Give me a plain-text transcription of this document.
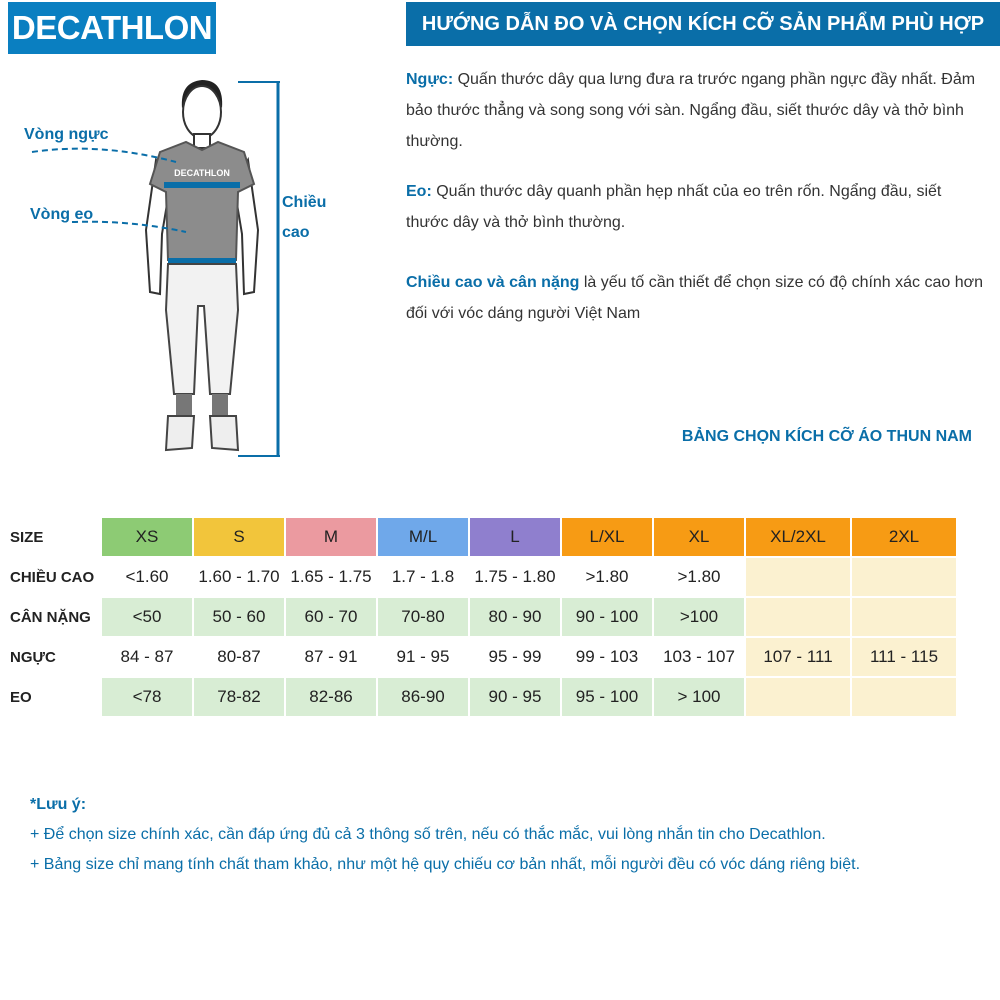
DECATHLON	HƯỚNG DẪN ĐO VÀ CHỌN KÍCH CỠ SẢN PHẨM PHÙ HỢP
DECATHLON
Vòng ngực
Vòng eo
Chiều
cao
Ngực: Quấn thước dây qua lưng đưa ra trước ngang phần ngực đầy nhất. Đảm bảo thước thẳng và song song với sàn. Ngẩng đầu, siết thước dây và thở bình thường.
Eo: Quấn thước dây quanh phần hẹp nhất của eo trên rốn. Ngẩng đầu, siết thước dây và thở bình thường.
Chiều cao và cân nặng là yếu tố cần thiết để chọn size có độ chính xác cao hơn đối với vóc dáng người Việt Nam
BẢNG CHỌN KÍCH CỠ ÁO THUN NAM
SIZE	XS	S	M	M/L	L	L/XL	XL	XL/2XL	2XL
CHIỀU CAO	<1.60	1.60 - 1.70	1.65 - 1.75	1.7 - 1.8	1.75 - 1.80	>1.80	>1.80		
CÂN NẶNG	<50	50 - 60	60 - 70	70-80	80 - 90	90 - 100	>100		
NGỰC	84 - 87	80-87	87 - 91	91 - 95	95 - 99	99 - 103	103 - 107	107 - 111	111 - 115
EO	<78	78-82	82-86	86-90	90 - 95	95 - 100	> 100		
*Lưu ý:
+ Để chọn size chính xác, cần đáp ứng đủ cả 3 thông số trên, nếu có thắc mắc, vui lòng nhắn tin cho Decathlon.
+ Bảng size chỉ mang tính chất tham khảo, như một hệ quy chiếu cơ bản nhất, mỗi người đều có vóc dáng riêng biệt.
